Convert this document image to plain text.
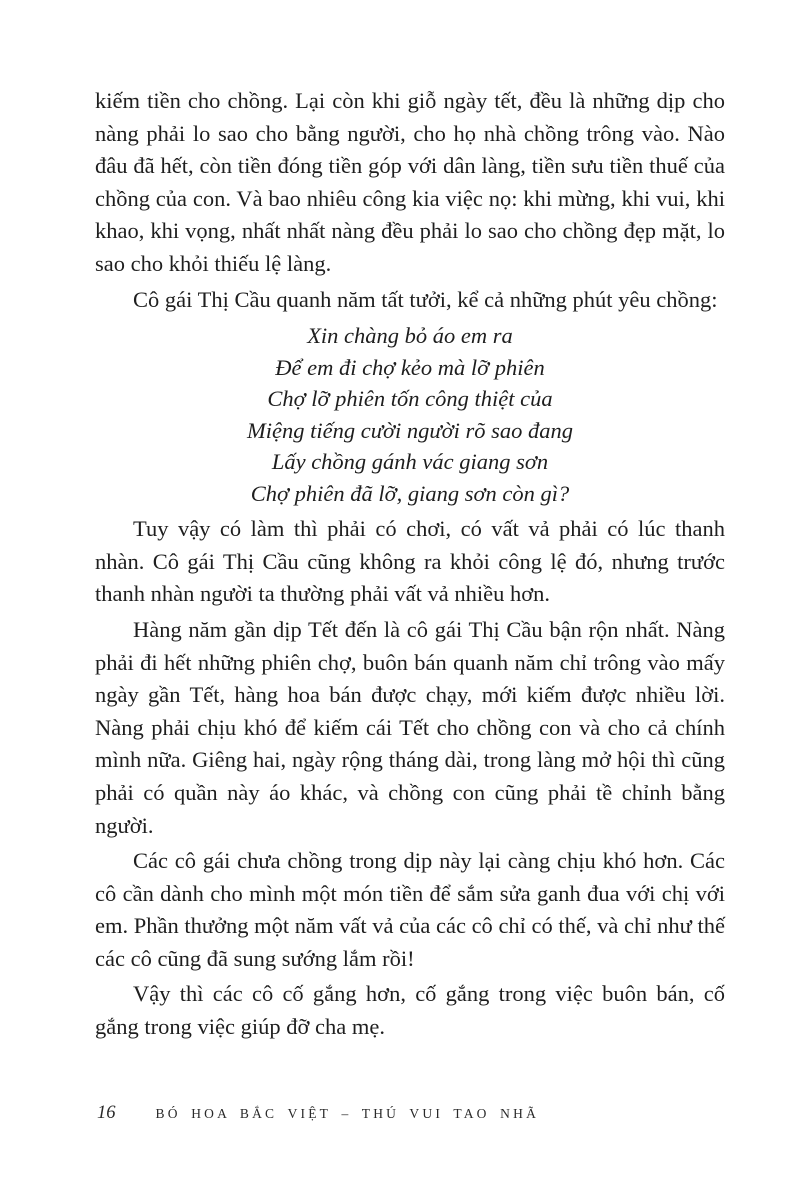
kiếm tiền cho chồng. Lại còn khi giỗ ngày tết, đều là những dịp cho nàng phải lo sao cho bằng người, cho họ nhà chồng trông vào. Nào đâu đã hết, còn tiền đóng tiền góp với dân làng, tiền sưu tiền thuế của chồng của con. Và bao nhiêu công kia việc nọ: khi mừng, khi vui, khi khao, khi vọng, nhất nhất nàng đều phải lo sao cho chồng đẹp mặt, lo sao cho khỏi thiếu lệ làng.

Cô gái Thị Cầu quanh năm tất tưởi, kể cả những phút yêu chồng:

Xin chàng bỏ áo em ra
Để em đi chợ kẻo mà lỡ phiên
Chợ lỡ phiên tốn công thiệt của
Miệng tiếng cười người rõ sao đang
Lấy chồng gánh vác giang sơn
Chợ phiên đã lỡ, giang sơn còn gì?

Tuy vậy có làm thì phải có chơi, có vất vả phải có lúc thanh nhàn. Cô gái Thị Cầu cũng không ra khỏi công lệ đó, nhưng trước thanh nhàn người ta thường phải vất vả nhiều hơn.

Hàng năm gần dịp Tết đến là cô gái Thị Cầu bận rộn nhất. Nàng phải đi hết những phiên chợ, buôn bán quanh năm chỉ trông vào mấy ngày gần Tết, hàng hoa bán được chạy, mới kiếm được nhiều lời. Nàng phải chịu khó để kiếm cái Tết cho chồng con và cho cả chính mình nữa. Giêng hai, ngày rộng tháng dài, trong làng mở hội thì cũng phải có quần này áo khác, và chồng con cũng phải tề chỉnh bằng người.

Các cô gái chưa chồng trong dịp này lại càng chịu khó hơn. Các cô cần dành cho mình một món tiền để sắm sửa ganh đua với chị với em. Phần thưởng một năm vất vả của các cô chỉ có thế, và chỉ như thế các cô cũng đã sung sướng lắm rồi!

Vậy thì các cô cố gắng hơn, cố gắng trong việc buôn bán, cố gắng trong việc giúp đỡ cha mẹ.

16	BÓ HOA BẮC VIỆT – THÚ VUI TAO NHÃ
